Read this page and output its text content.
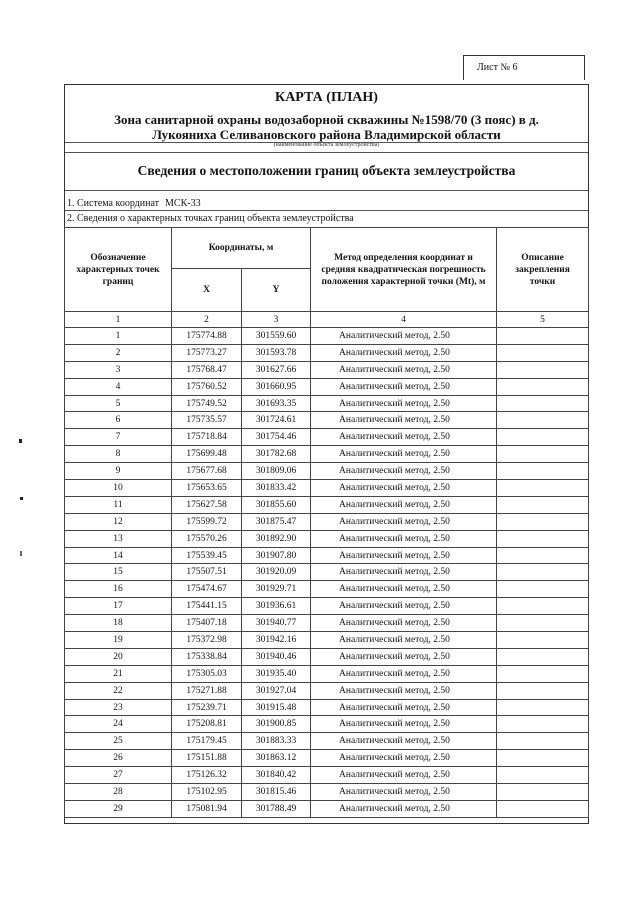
Лист № 6
КАРТА (ПЛАН)
Зона санитарной охраны водозаборной скважины №1598/70 (3 пояс) в д.
Лукояниха Селивановского района Владимирской области
(наименование объекта землеустройства)
Сведения о местоположении границ объекта землеустройства
1. Система координат МСК-33
2. Сведения о характерных точках границ объекта землеустройства
Обозначение характерных точек границ	Координаты, м		Метод определения координат и средняя квадратическая погрешность положения характерной точки (Mt), м	Описание закрепления точки
	X	Y		
1	2	3	4	5
1	175774.88	301559.60	Аналитический метод, 2.50	
2	175773.27	301593.78	Аналитический метод, 2.50	
3	175768.47	301627.66	Аналитический метод, 2.50	
4	175760.52	301660.95	Аналитический метод, 2.50	
5	175749.52	301693.35	Аналитический метод, 2.50	
6	175735.57	301724.61	Аналитический метод, 2.50	
7	175718.84	301754.46	Аналитический метод, 2.50	
8	175699.48	301782.68	Аналитический метод, 2.50	
9	175677.68	301809.06	Аналитический метод, 2.50	
10	175653.65	301833.42	Аналитический метод, 2.50	
11	175627.58	301855.60	Аналитический метод, 2.50	
12	175599.72	301875.47	Аналитический метод, 2.50	
13	175570.26	301892.90	Аналитический метод, 2.50	
14	175539.45	301907.80	Аналитический метод, 2.50	
15	175507.51	301920.09	Аналитический метод, 2.50	
16	175474.67	301929.71	Аналитический метод, 2.50	
17	175441.15	301936.61	Аналитический метод, 2.50	
18	175407.18	301940.77	Аналитический метод, 2.50	
19	175372.98	301942.16	Аналитический метод, 2.50	
20	175338.84	301940.46	Аналитический метод, 2.50	
21	175305.03	301935.40	Аналитический метод, 2.50	
22	175271.88	301927.04	Аналитический метод, 2.50	
23	175239.71	301915.48	Аналитический метод, 2.50	
24	175208.81	301900.85	Аналитический метод, 2.50	
25	175179.45	301883.33	Аналитический метод, 2.50	
26	175151.88	301863.12	Аналитический метод, 2.50	
27	175126.32	301840.42	Аналитический метод, 2.50	
28	175102.95	301815.46	Аналитический метод, 2.50	
29	175081.94	301788.49	Аналитический метод, 2.50	
